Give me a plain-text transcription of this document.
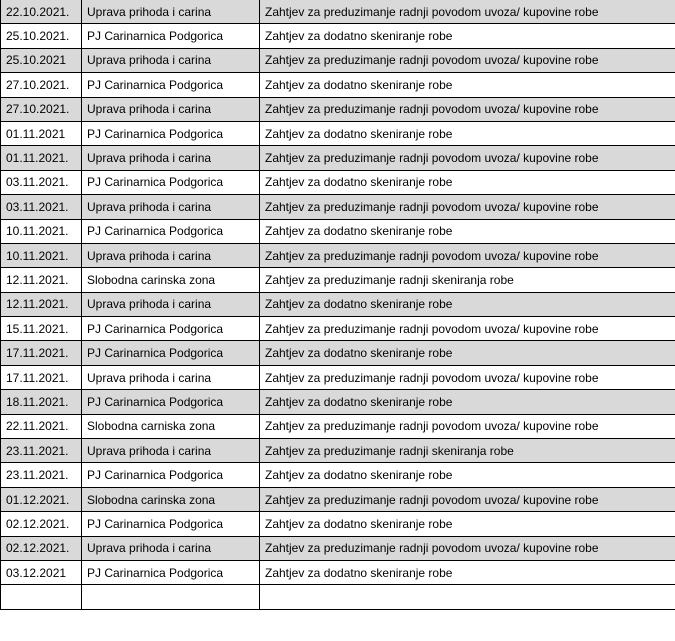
22.10.2021.	Uprava prihoda i carina	Zahtjev za preduzimanje radnji povodom uvoza/ kupovine robe
25.10.2021.	PJ Carinarnica Podgorica	Zahtjev za dodatno skeniranje robe
25.10.2021	Uprava prihoda i carina	Zahtjev za preduzimanje radnji povodom uvoza/ kupovine robe
27.10.2021.	PJ Carinarnica Podgorica	Zahtjev za dodatno skeniranje robe
27.10.2021.	Uprava prihoda i carina	Zahtjev za preduzimanje radnji povodom uvoza/ kupovine robe
01.11.2021	PJ Carinarnica Podgorica	Zahtjev za dodatno skeniranje robe
01.11.2021.	Uprava prihoda i carina	Zahtjev za preduzimanje radnji povodom uvoza/ kupovine robe
03.11.2021.	PJ Carinarnica Podgorica	Zahtjev za dodatno skeniranje robe
03.11.2021.	Uprava prihoda i carina	Zahtjev za preduzimanje radnji povodom uvoza/ kupovine robe
10.11.2021.	PJ Carinarnica Podgorica	Zahtjev za dodatno skeniranje robe
10.11.2021.	Uprava prihoda i carina	Zahtjev za preduzimanje radnji povodom uvoza/ kupovine robe
12.11.2021.	Slobodna carinska zona	Zahtjev za preduzimanje radnji skeniranja robe
12.11.2021.	Uprava prihoda i carina	Zahtjev za dodatno skeniranje robe
15.11.2021.	PJ Carinarnica Podgorica	Zahtjev za preduzimanje radnji povodom uvoza/ kupovine robe
17.11.2021.	PJ Carinarnica Podgorica	Zahtjev za dodatno skeniranje robe
17.11.2021.	Uprava prihoda i carina	Zahtjev za preduzimanje radnji povodom uvoza/ kupovine robe
18.11.2021.	PJ Carinarnica Podgorica	Zahtjev za dodatno skeniranje robe
22.11.2021.	Slobodna carniska zona	Zahtjev za preduzimanje radnji povodom uvoza/ kupovine robe
23.11.2021.	Uprava prihoda i carina	Zahtjev za preduzimanje radnji skeniranja robe
23.11.2021.	PJ Carinarnica Podgorica	Zahtjev za dodatno skeniranje robe
01.12.2021.	Slobodna carinska zona	Zahtjev za preduzimanje radnji povodom uvoza/ kupovine robe
02.12.2021.	PJ Carinarnica Podgorica	Zahtjev za dodatno skeniranje robe
02.12.2021.	Uprava prihoda i carina	Zahtjev za preduzimanje radnji povodom uvoza/ kupovine robe
03.12.2021	PJ Carinarnica Podgorica	Zahtjev za dodatno skeniranje robe
